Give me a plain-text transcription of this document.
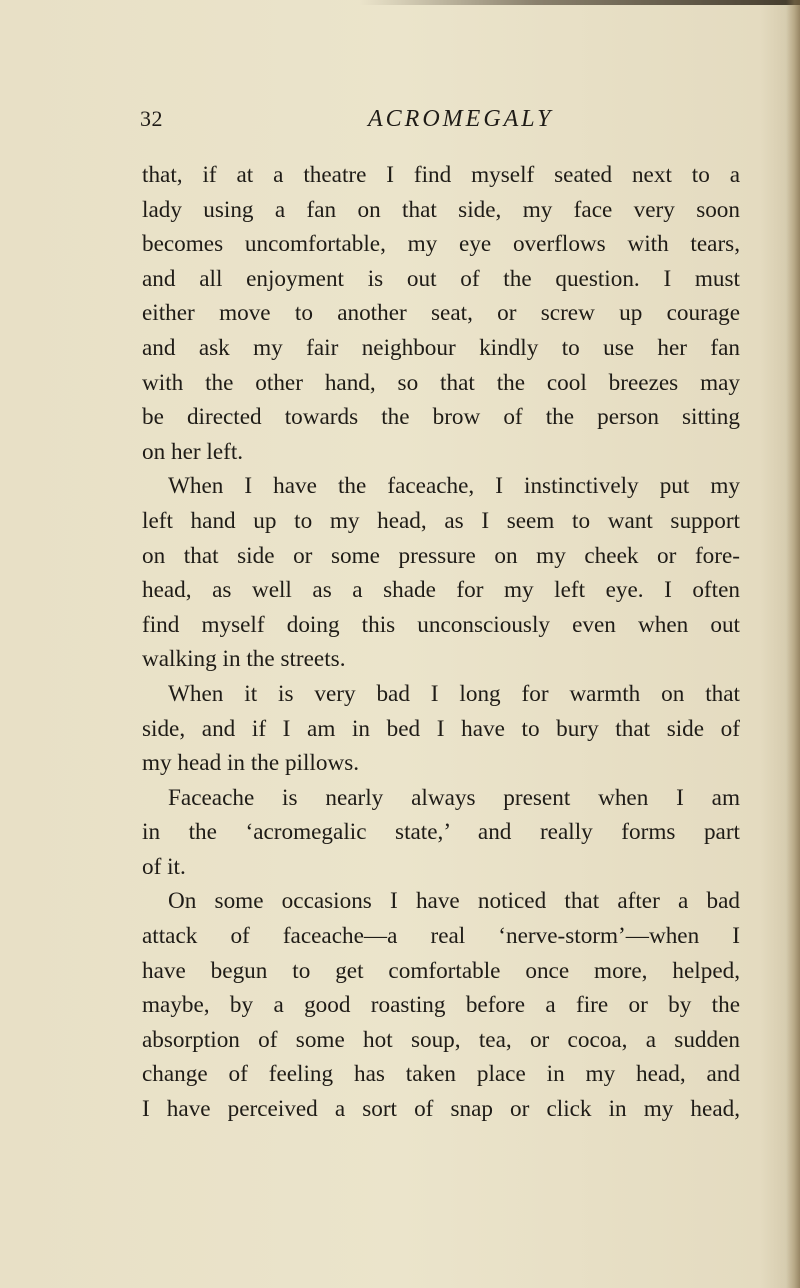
32	ACROMEGALY
that, if at a theatre I find myself seated next to a
lady using a fan on that side, my face very soon
becomes uncomfortable, my eye overflows with tears,
and all enjoyment is out of the question. I must
either move to another seat, or screw up courage
and ask my fair neighbour kindly to use her fan
with the other hand, so that the cool breezes may
be directed towards the brow of the person sitting
on her left.
When I have the faceache, I instinctively put my
left hand up to my head, as I seem to want support
on that side or some pressure on my cheek or fore-
head, as well as a shade for my left eye. I often
find myself doing this unconsciously even when out
walking in the streets.
When it is very bad I long for warmth on that
side, and if I am in bed I have to bury that side of
my head in the pillows.
Faceache is nearly always present when I am
in the ‘acromegalic state,’ and really forms part
of it.
On some occasions I have noticed that after a bad
attack of faceache—a real ‘nerve-storm’—when I
have begun to get comfortable once more, helped,
maybe, by a good roasting before a fire or by the
absorption of some hot soup, tea, or cocoa, a sudden
change of feeling has taken place in my head, and
I have perceived a sort of snap or click in my head,
